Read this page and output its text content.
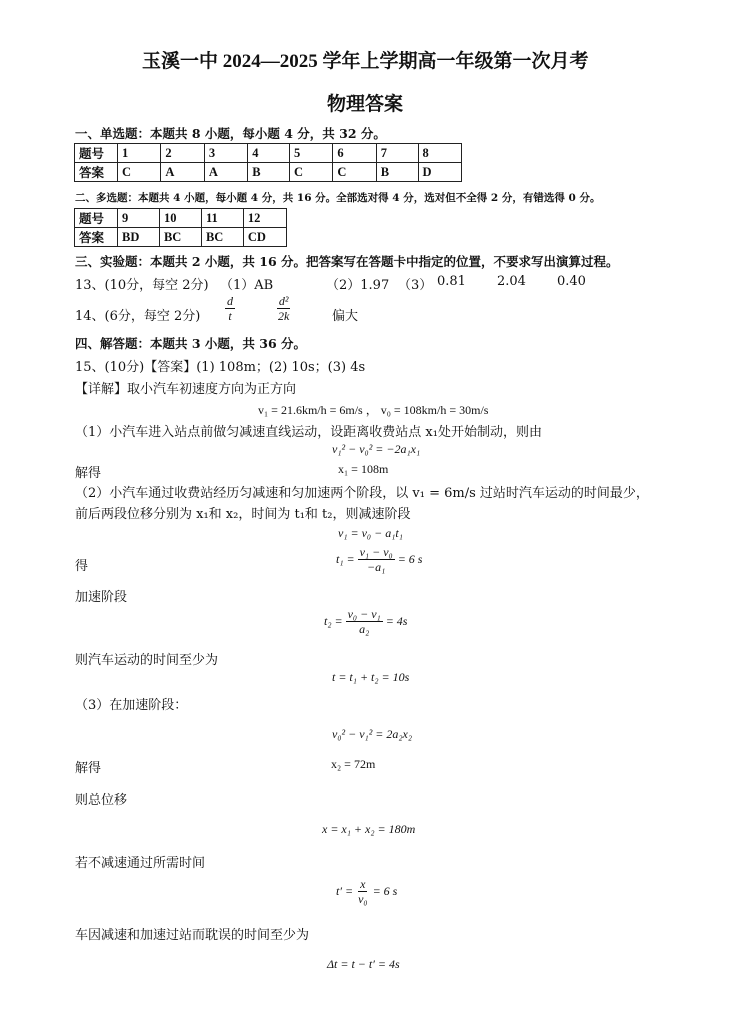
玉溪一中 2024—2025 学年上学期高一年级第一次月考
物理答案
一、单选题：本题共 8 小题，每小题 4 分，共 32 分。
题号	1	2	3	4	5	6	7	8
答案	C	A	A	B	C	C	B	D
二、多选题：本题共 4 小题，每小题 4 分，共 16 分。全部选对得 4 分，选对但不全得 2 分，有错选得 0 分。
题号	9	10	11	12
答案	BD	BC	BC	CD
三、实验题：本题共 2 小题，共 16 分。把答案写在答题卡中指定的位置，不要求写出演算过程。
13、(10分，每空 2分) （1）AB	（2）1.97 （3） 0.81 2.04 0.40
14、(6分，每空 2分) $\frac{d}{t}$	$\frac{\text{d²}}{2k}$	偏大
四、解答题：本题共 3 小题，共 36 分。
15、(10分)【答案】(1) 108m；(2) 10s；(3) 4s
【详解】取小汽车初速度方向为正方向
v₁ = 21.6km/h = 6m/s ， v₀ = 108km/h = 30m/s
（1）小汽车进入站点前做匀减速直线运动，设距离收费站点 x₁处开始制动，则由
v₁² − v₀² = −2a₁x₁
解得	x₁ = 108m
（2）小汽车通过收费站经历匀减速和匀加速两个阶段，以 v₁ = 6m/s 过站时汽车运动的时间最少，
前后两段位移分别为 x₁和 x₂，时间为 t₁和 t₂，则减速阶段
v₁ = v₀ − a₁t₁
得	$t_1 = \frac{\text{v₁ − v₀}}{\text{−a₁}} = 6$ s
加速阶段
$t_2 = \frac{\text{v₀ − v₁}}{\text{a₂}} = 4s$
则汽车运动的时间至少为
t = t₁ + t₂ = 10s
（3）在加速阶段：
v₀² − v₁² = 2a₂x₂
解得	x₂ = 72m
则总位移
x = x₁ + x₂ = 180m
若不减速通过所需时间
$t' = \frac{x}{\text{v₀}} = 6$ s
车因减速和加速过站而耽误的时间至少为
Δt = t − t′ = 4s
